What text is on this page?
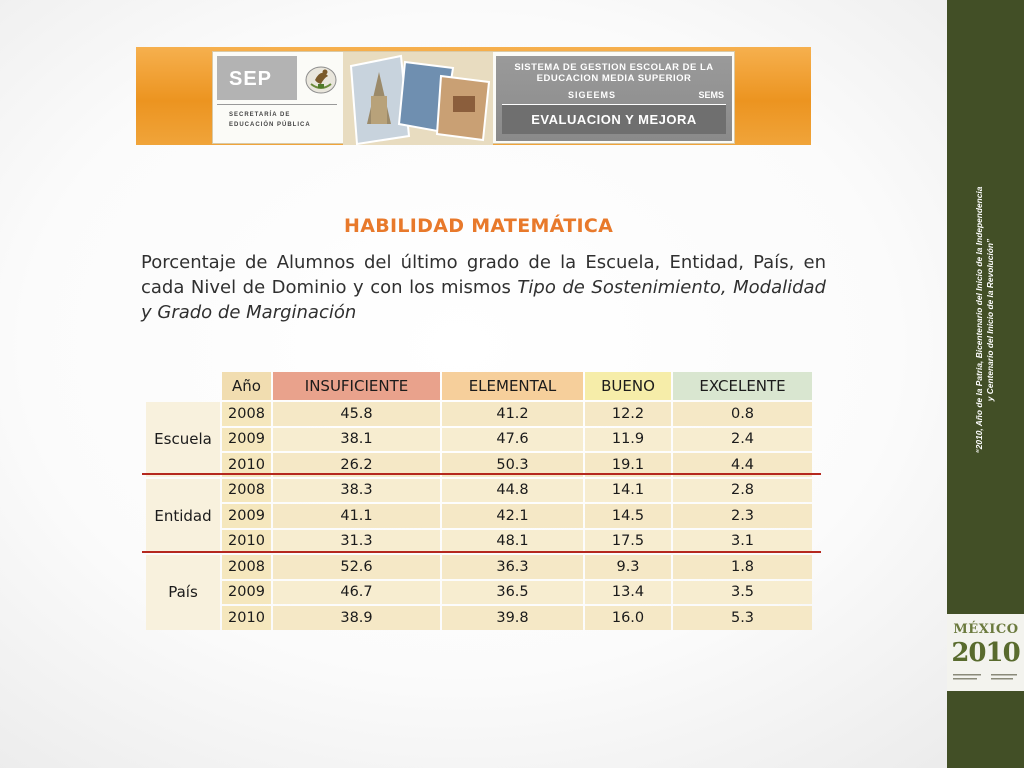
SEP
SECRETARÍA DE
EDUCACIÓN PÚBLICA
SISTEMA DE GESTION ESCOLAR DE LA
EDUCACION MEDIA SUPERIOR
SIGEEMS	SEMS
EVALUACION Y MEJORA
HABILIDAD MATEMÁTICA

Porcentaje de Alumnos del último grado de la Escuela, Entidad, País, en cada Nivel de Dominio y con los mismos Tipo de Sostenimiento, Modalidad y Grado de Marginación

	Año	INSUFICIENTE	ELEMENTAL	BUENO	EXCELENTE
Escuela	2008	45.8	41.2	12.2	0.8
	2009	38.1	47.6	11.9	2.4
	2010	26.2	50.3	19.1	4.4
Entidad	2008	38.3	44.8	14.1	2.8
	2009	41.1	42.1	14.5	2.3
	2010	31.3	48.1	17.5	3.1
País	2008	52.6	36.3	9.3	1.8
	2009	46.7	36.5	13.4	3.5
	2010	38.9	39.8	16.0	5.3
“2010, Año de la Patria, Bicentenario del Inicio de la Independencia y Centenario del Inicio de la Revolución”
MÉXICO
2010
